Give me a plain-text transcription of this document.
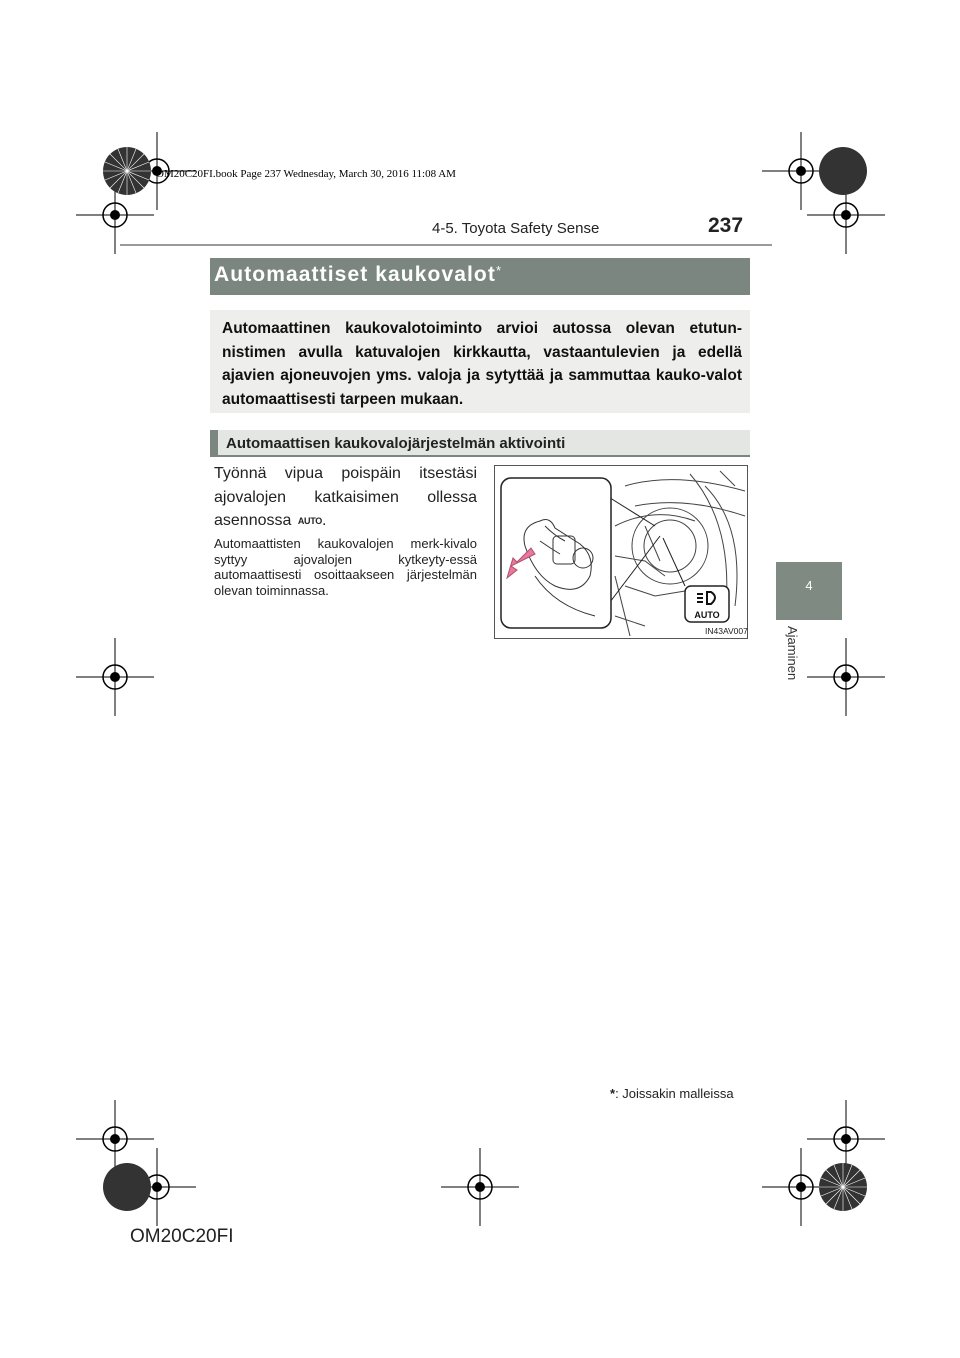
OM20C20FI.book Page 237 Wednesday, March 30, 2016 11:08 AM
4-5. Toyota Safety Sense	237
4
Ajaminen
Automaattiset kaukovalot*
Automaattinen kaukovalotoiminto arvioi autossa olevan etutun-nistimen avulla katuvalojen kirkkautta, vastaantulevien ja edellä ajavien ajoneuvojen yms. valoja ja sytyttää ja sammuttaa kauko-valot automaattisesti tarpeen mukaan.
Automaattisen kaukovalojärjestelmän aktivointi
Työnnä vipua poispäin itsestäsi ajovalojen katkaisimen ollessa asennossa AUTO.
Automaattisten kaukovalojen merk-kivalo syttyy ajovalojen kytkeyty-essä automaattisesti osoittaakseen järjestelmän olevan toiminnassa.
AUTO
IN43AV007
*: Joissakin malleissa
OM20C20FI
